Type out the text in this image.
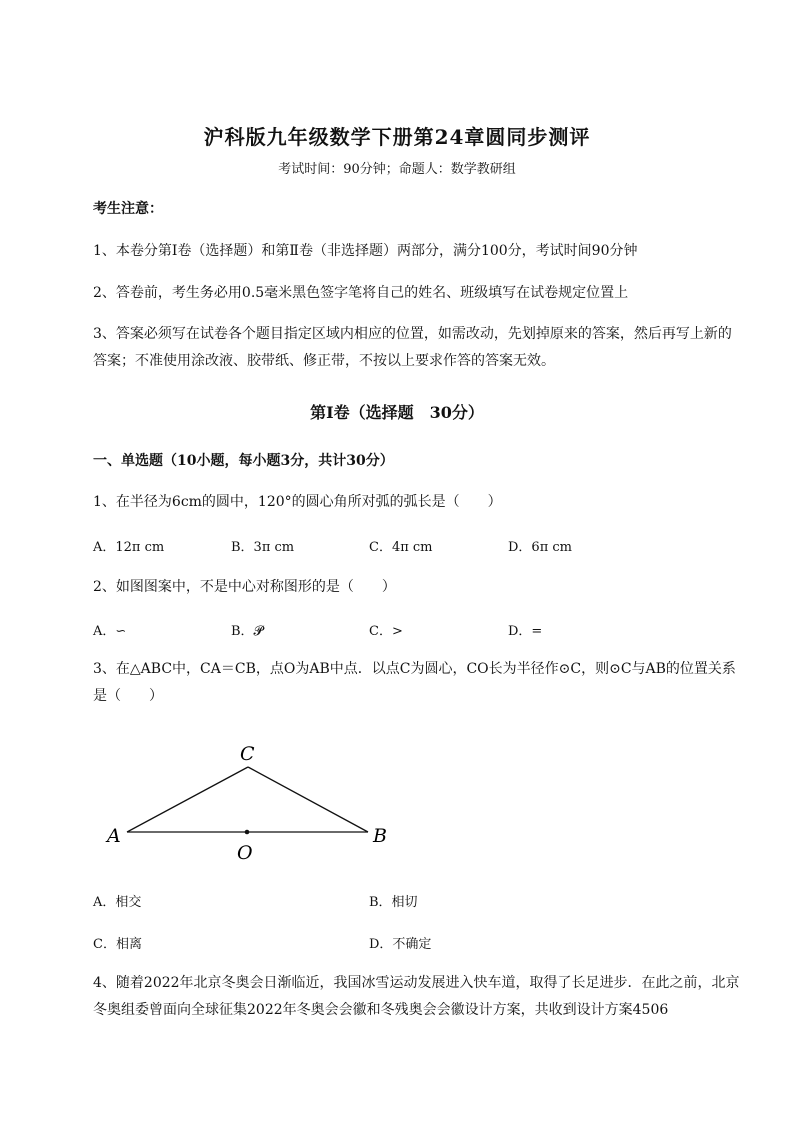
沪科版九年级数学下册第24章圆同步测评
考试时间：90分钟；命题人：数学教研组
考生注意：
1、本卷分第I卷（选择题）和第Ⅱ卷（非选择题）两部分，满分100分，考试时间90分钟
2、答卷前，考生务必用0.5毫米黑色签字笔将自己的姓名、班级填写在试卷规定位置上
3、答案必须写在试卷各个题目指定区域内相应的位置，如需改动，先划掉原来的答案，然后再写上新的答案；不准使用涂改液、胶带纸、修正带，不按以上要求作答的答案无效。
第I卷（选择题　30分）
一、单选题（10小题，每小题3分，共计30分）
1、在半径为6cm的圆中，120°的圆心角所对弧的弧长是（　　）
A．12π cm	B．3π cm	C．4π cm	D．6π cm
2、如图图案中，不是中心对称图形的是（　　）
A．∽	B．𝓟	C．>	D．=
3、在△ABC中，CA＝CB，点O为AB中点．以点C为圆心，CO长为半径作⊙C，则⊙C与AB的位置关系是（　　）
A
C
B
O
A．相交	B．相切
C．相离	D．不确定
4、随着2022年北京冬奥会日渐临近，我国冰雪运动发展进入快车道，取得了长足进步．在此之前，北京冬奥组委曾面向全球征集2022年冬奥会会徽和冬残奥会会徽设计方案，共收到设计方案4506
